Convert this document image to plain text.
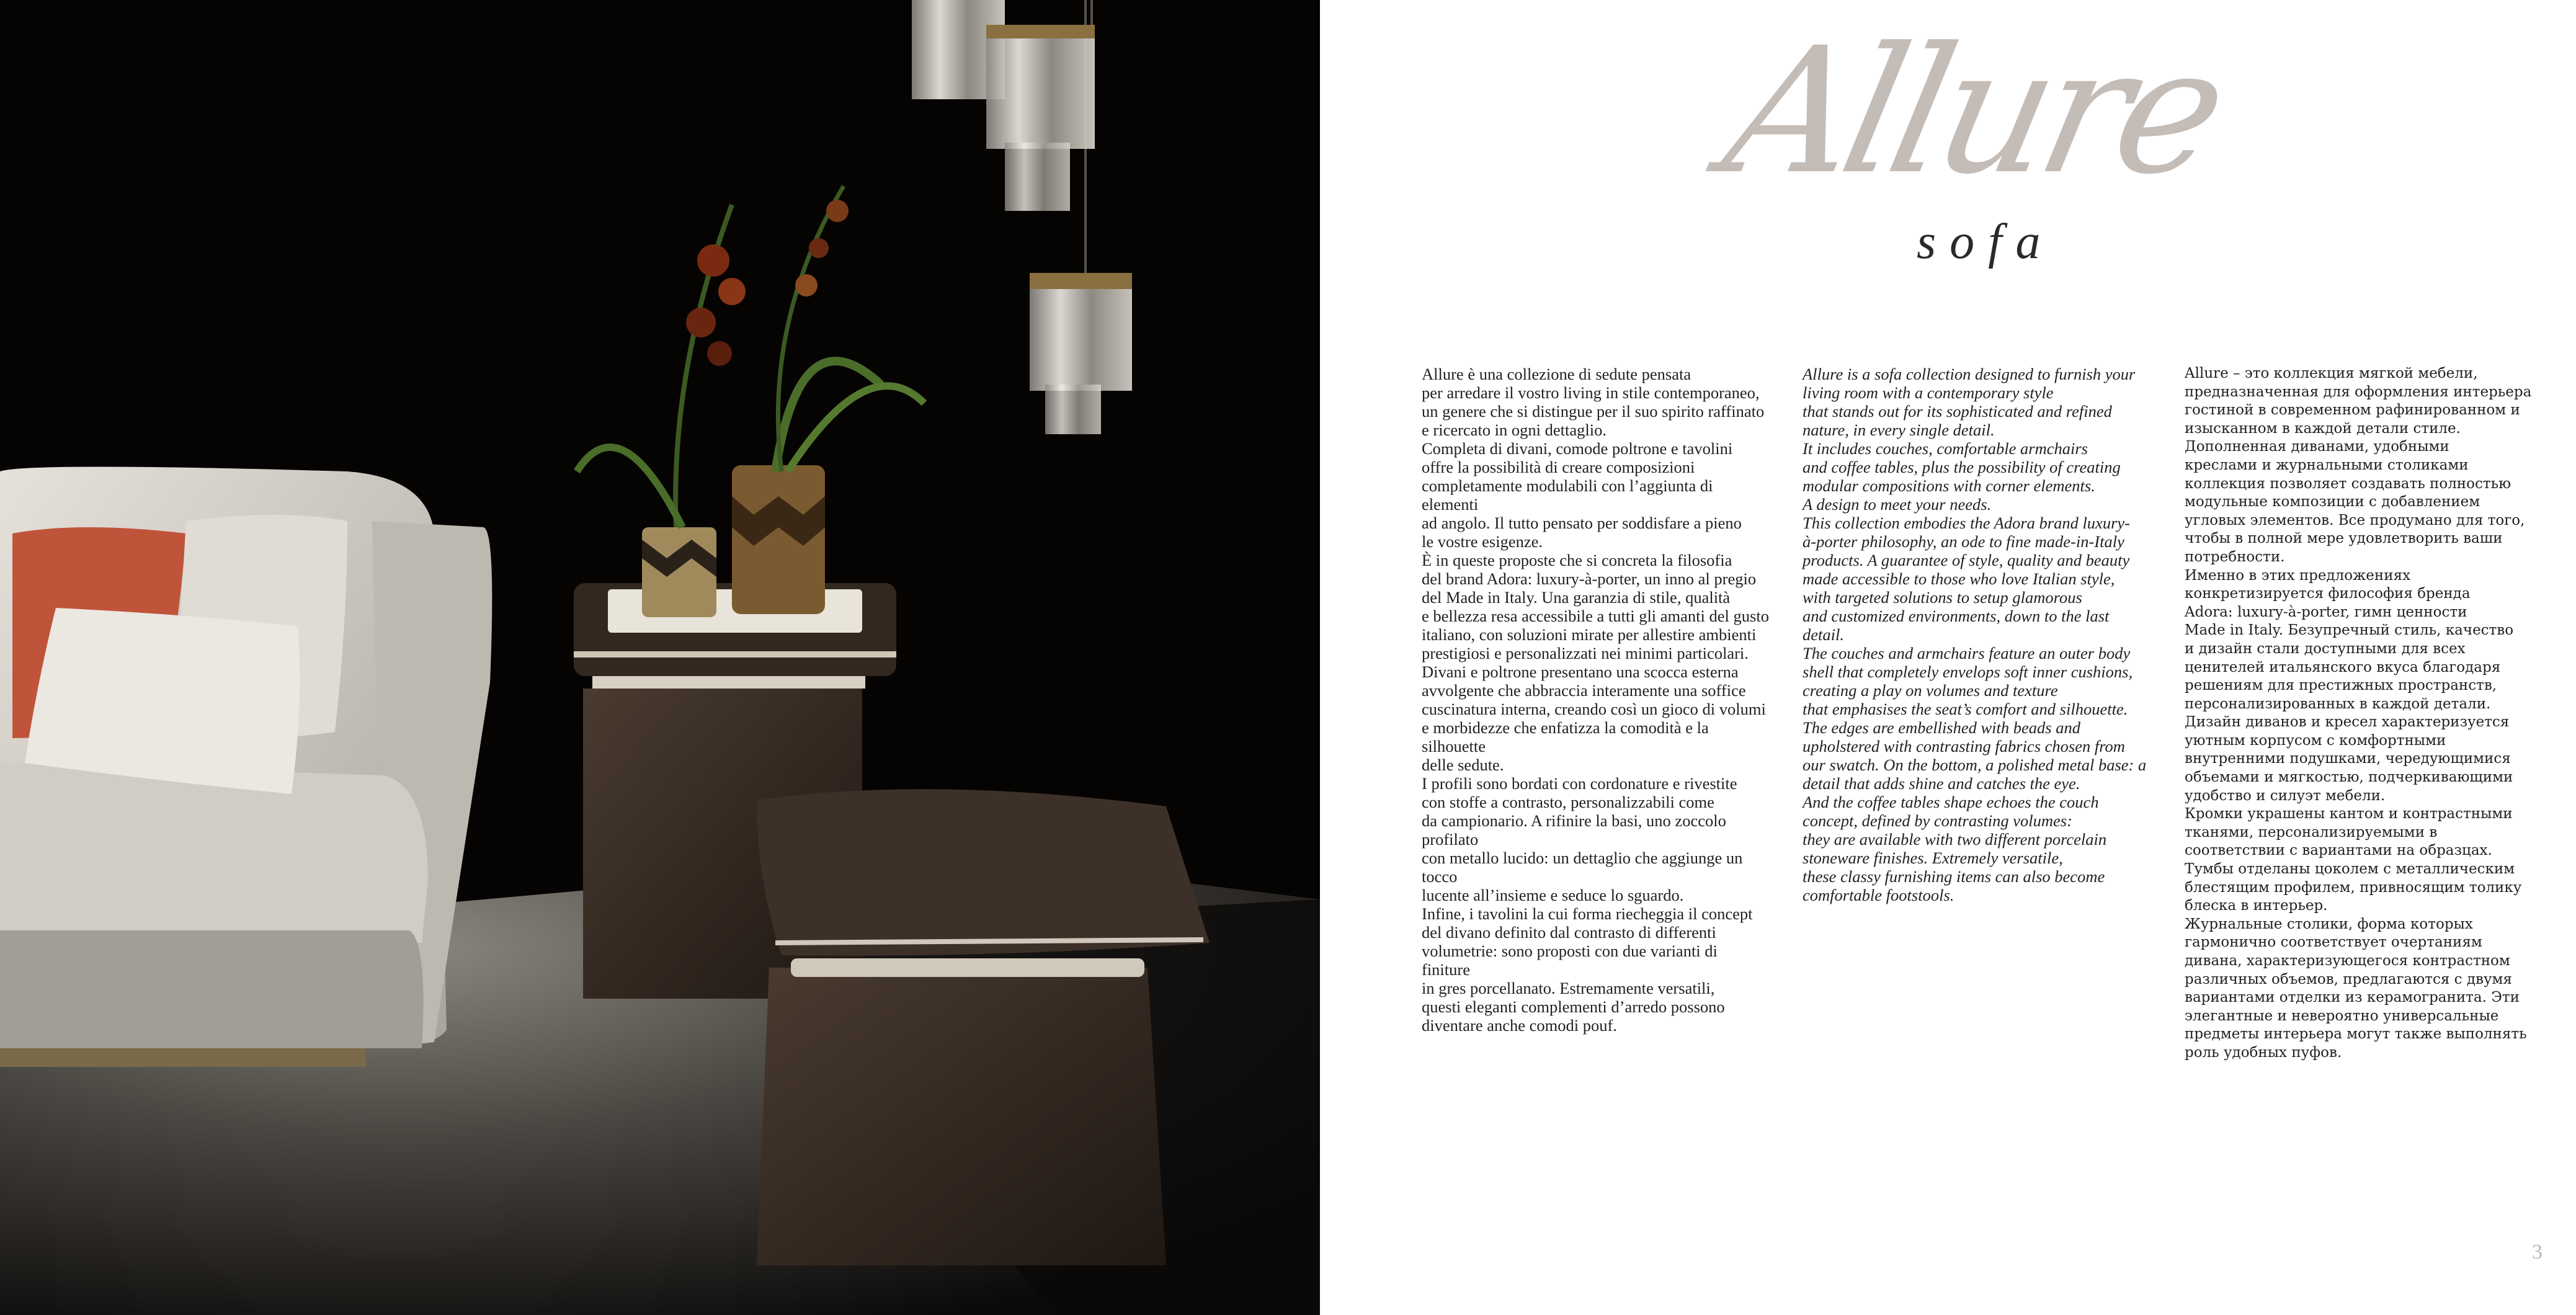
Allure
sofa

Allure è una collezione di sedute pensata

per arredare il vostro living in stile contemporaneo,

un genere che si distingue per il suo spirito raffinato

e ricercato in ogni dettaglio.

Completa di divani, comode poltrone e tavolini

offre la possibilità di creare composizioni

completamente modulabili con l’aggiunta di elementi

ad angolo. Il tutto pensato per soddisfare a pieno

le vostre esigenze.

È in queste proposte che si concreta la filosofia

del brand Adora: luxury-à-porter, un inno al pregio

del Made in Italy. Una garanzia di stile, qualità

e bellezza resa accessibile a tutti gli amanti del gusto

italiano, con soluzioni mirate per allestire ambienti

prestigiosi e personalizzati nei minimi particolari.

Divani e poltrone presentano una scocca esterna

avvolgente che abbraccia interamente una soffice

cuscinatura interna, creando così un gioco di volumi

e morbidezze che enfatizza la comodità e la silhouette

delle sedute.

I profili sono bordati con cordonature e rivestite

con stoffe a contrasto, personalizzabili come

da campionario. A rifinire la basi, uno zoccolo profilato

con metallo lucido: un dettaglio che aggiunge un tocco

lucente all’insieme e seduce lo sguardo.

Infine, i tavolini la cui forma riecheggia il concept

del divano definito dal contrasto di differenti

volumetrie: sono proposti con due varianti di finiture

in gres porcellanato. Estremamente versatili,

questi eleganti complementi d’arredo possono

diventare anche comodi pouf.

Allure is a sofa collection designed to furnish your

living room with a contemporary style

that stands out for its sophisticated and refined

nature, in every single detail.

It includes couches, comfortable armchairs

and coffee tables, plus the possibility of creating

modular compositions with corner elements.

A design to meet your needs.

This collection embodies the Adora brand luxury-

à-porter philosophy, an ode to fine made-in-Italy

products. A guarantee of style, quality and beauty

made accessible to those who love Italian style,

with targeted solutions to setup glamorous

and customized environments, down to the last

detail.

The couches and armchairs feature an outer body

shell that completely envelops soft inner cushions,

creating a play on volumes and texture

that emphasises the seat’s comfort and silhouette.

The edges are embellished with beads and

upholstered with contrasting fabrics chosen from

our swatch. On the bottom, a polished metal base: a

detail that adds shine and catches the eye.

And the coffee tables shape echoes the couch

concept, defined by contrasting volumes:

they are available with two different porcelain

stoneware finishes. Extremely versatile,

these classy furnishing items can also become

comfortable footstools.

Allure – это коллекция мягкой мебели,

предназначенная для оформления интерьера

гостиной в современном рафинированном и

изысканном в каждой детали стиле.

Дополненная диванами, удобными

креслами и журнальными столиками

коллекция позволяет создавать полностью

модульные композиции с добавлением

угловых элементов. Все продумано для того,

чтобы в полной мере удовлетворить ваши

потребности.

Именно в этих предложениях

конкретизируется философия бренда

Adora: luxury-à-porter, гимн ценности

Made in Italy. Безупречный стиль, качество

и дизайн стали доступными для всех

ценителей итальянского вкуса благодаря

решениям для престижных пространств,

персонализированных в каждой детали.

Дизайн диванов и кресел характеризуется

уютным корпусом с комфортными

внутренними подушками, чередующимися

объемами и мягкостью, подчеркивающими

удобство и силуэт мебели.

Кромки украшены кантом и контрастными

тканями, персонализируемыми в

соответствии с вариантами на образцах.

Тумбы отделаны цоколем с металлическим

блестящим профилем, привносящим толику

блеска в интерьер.

Журнальные столики, форма которых

гармонично соответствует очертаниям

дивана, характеризующегося контрастном

различных объемов, предлагаются с двумя

вариантами отделки из керамогранита. Эти

элегантные и невероятно универсальные

предметы интерьера могут также выполнять

роль удобных пуфов.

3
